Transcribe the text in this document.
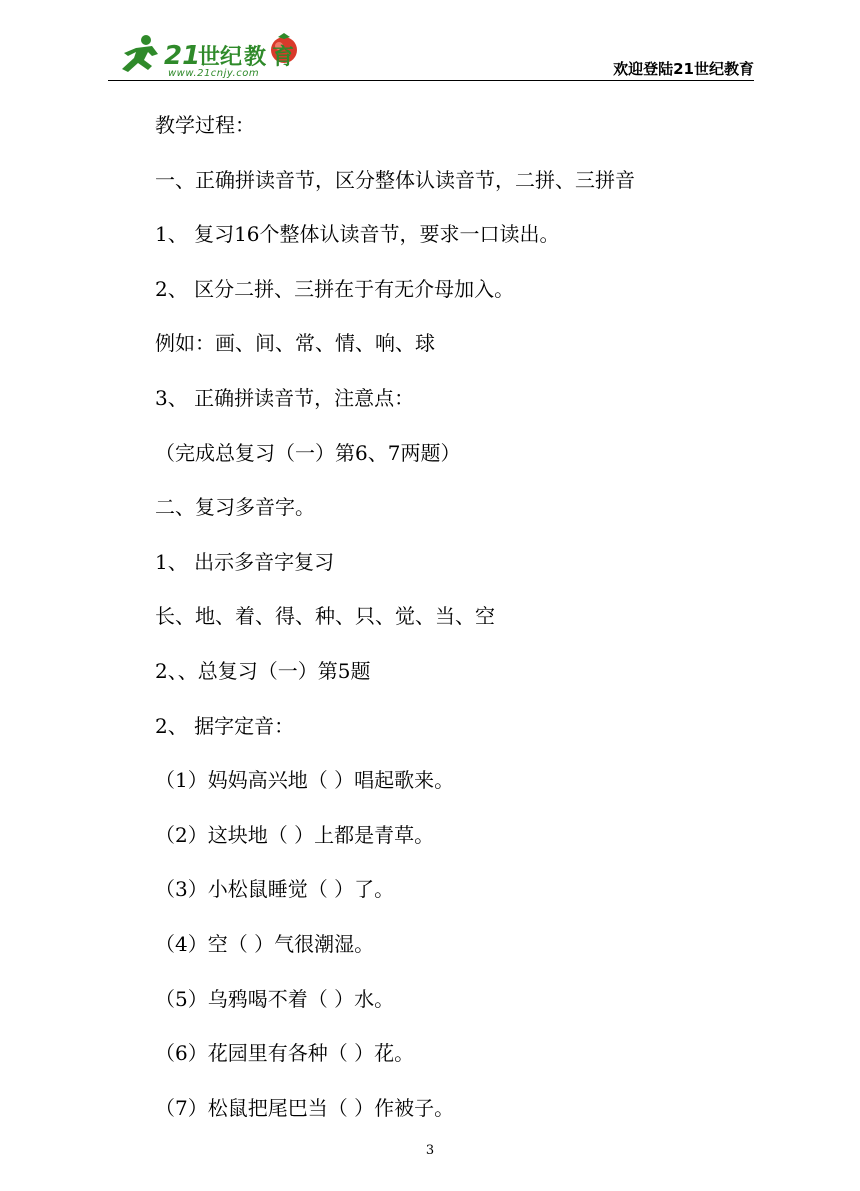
21
世纪 教 育
www.21cnjy.com	欢迎登陆21世纪教育
教学过程：
一、正确拼读音节，区分整体认读音节，二拼、三拼音
1、 复习16个整体认读音节，要求一口读出。
2、 区分二拼、三拼在于有无介母加入。
例如：画、间、常、情、响、球
3、 正确拼读音节，注意点：
（完成总复习（一）第6、7两题）
二、复习多音字。
1、 出示多音字复习
长、地、着、得、种、只、觉、当、空
2、、总复习（一）第5题
2、 据字定音：
（1）妈妈高兴地（ ）唱起歌来。
（2）这块地（ ）上都是青草。
（3）小松鼠睡觉（ ）了。
（4）空（ ）气很潮湿。
（5）乌鸦喝不着（ ）水。
（6）花园里有各种（ ）花。
（7）松鼠把尾巴当（ ）作被子。
3
